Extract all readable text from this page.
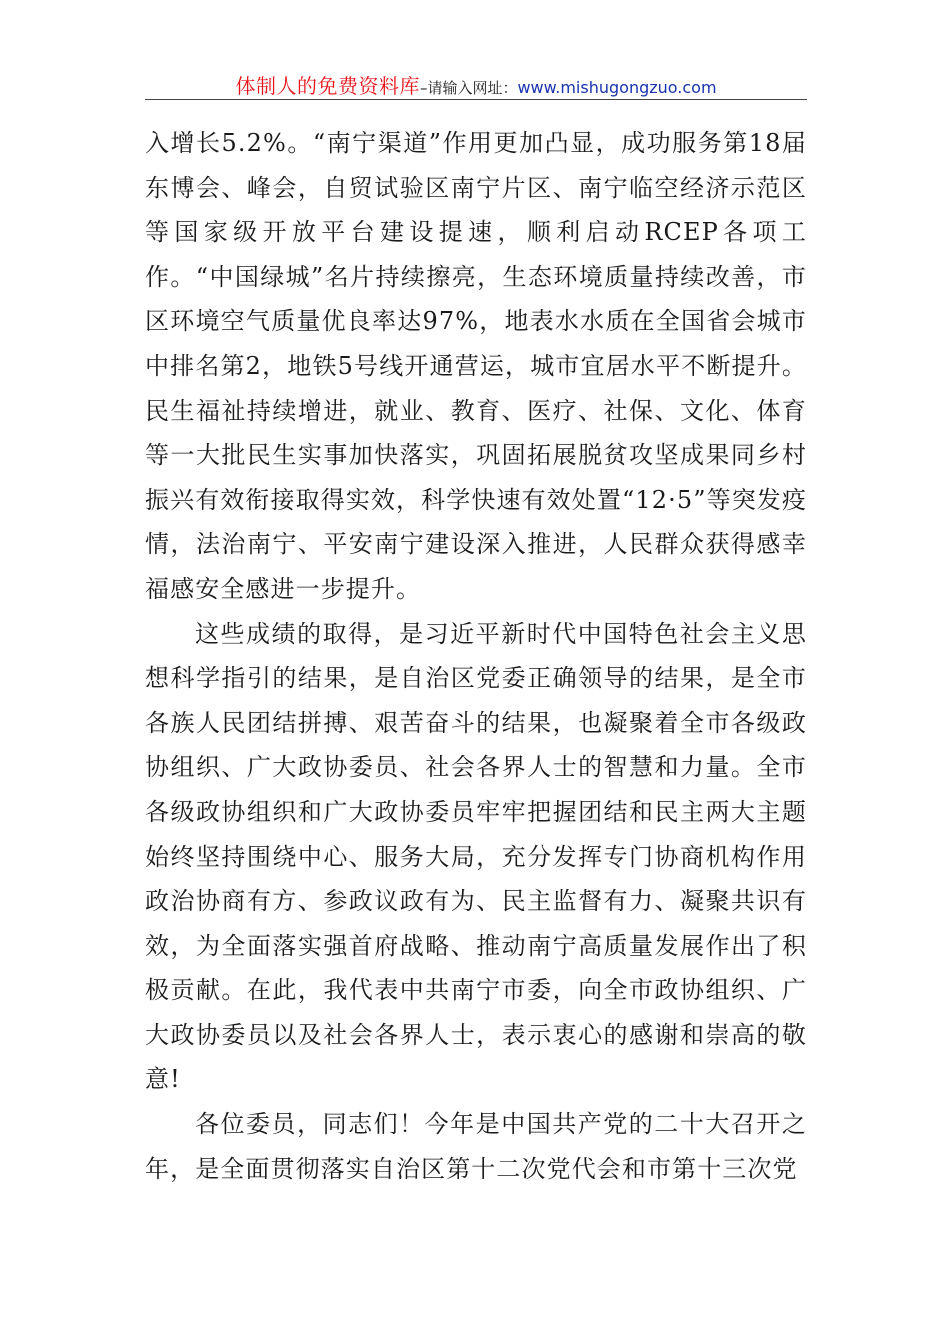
体制人的免费资料库–请输入网址：www.mishugongzuo.com

入增长5.2%。“南宁渠道”作用更加凸显，成功服务第18届东博会、峰会，自贸试验区南宁片区、南宁临空经济示范区等国家级开放平台建设提速，顺利启动RCEP各项工作。“中国绿城”名片持续擦亮，生态环境质量持续改善，市区环境空气质量优良率达97%，地表水水质在全国省会城市中排名第2，地铁5号线开通营运，城市宜居水平不断提升。民生福祉持续增进，就业、教育、医疗、社保、文化、体育等一大批民生实事加快落实，巩固拓展脱贫攻坚成果同乡村振兴有效衔接取得实效，科学快速有效处置“12·5”等突发疫情，法治南宁、平安南宁建设深入推进，人民群众获得感幸福感安全感进一步提升。

这些成绩的取得，是习近平新时代中国特色社会主义思想科学指引的结果，是自治区党委正确领导的结果，是全市各族人民团结拼搏、艰苦奋斗的结果，也凝聚着全市各级政协组织、广大政协委员、社会各界人士的智慧和力量。全市各级政协组织和广大政协委员牢牢把握团结和民主两大主题始终坚持围绕中心、服务大局，充分发挥专门协商机构作用政治协商有方、参政议政有为、民主监督有力、凝聚共识有效，为全面落实强首府战略、推动南宁高质量发展作出了积极贡献。在此，我代表中共南宁市委，向全市政协组织、广大政协委员以及社会各界人士，表示衷心的感谢和崇高的敬意!

各位委员，同志们！今年是中国共产党的二十大召开之年，是全面贯彻落实自治区第十二次党代会和市第十三次党
